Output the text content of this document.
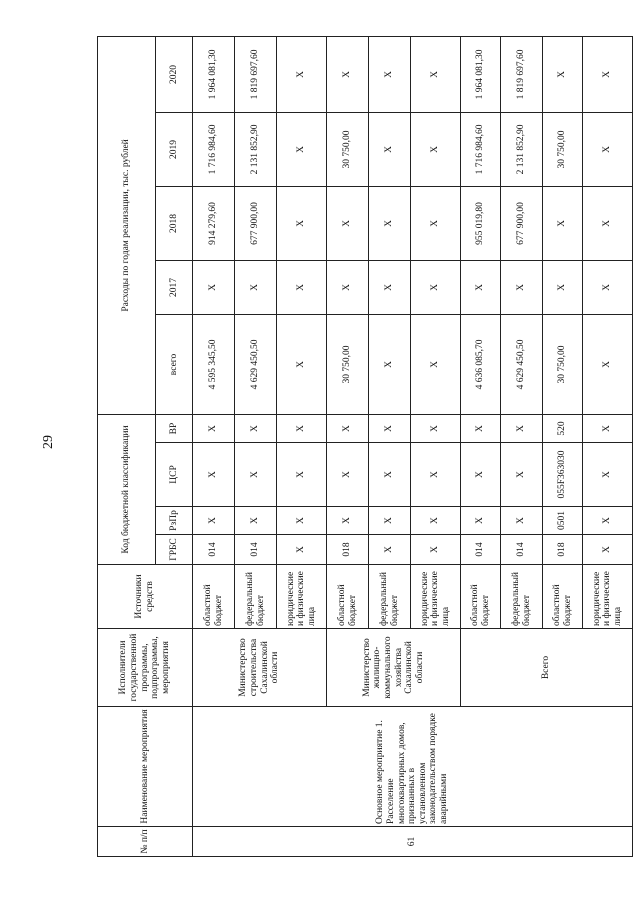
29
№ п/п	Наименование мероприятия	Исполнители государственной программы, подпрограммы, мероприятия	Источники средств	Код бюджетной классификации				Расходы по годам реализации, тыс. рублей				
				ГРБС	РзПр	ЦСР	ВР	всего	2017	2018	2019	2020
61	Основное мероприятие 1. Расселение многоквартирных домов, признанных в установленном законодательством порядке аварийными	Министерство строительства Сахалинской области	областной бюджет	014	Х	Х	Х	4 595 345,50	Х	914 279,60	1 716 984,60	1 964 081,30
			федеральный бюджет	014	Х	Х	Х	4 629 450,50	Х	677 900,00	2 131 852,90	1 819 697,60
			юридические и физические лица	Х	Х	Х	Х	Х	Х	Х	Х	Х
		Министерство жилищно-коммунального хозяйства Сахалинской области	областной бюджет	018	Х	Х	Х	30 750,00	Х	Х	30 750,00	Х
			федеральный бюджет	Х	Х	Х	Х	Х	Х	Х	Х	Х
			юридические и физические лица	Х	Х	Х	Х	Х	Х	Х	Х	Х
		Всего	областной бюджет	014	Х	Х	Х	4 636 085,70	Х	955 019,80	1 716 984,60	1 964 081,30
			федеральный бюджет	014	Х	Х	Х	4 629 450,50	Х	677 900,00	2 131 852,90	1 819 697,60
			областной бюджет	018	0501	055F363030	520	30 750,00	Х	Х	30 750,00	Х
			юридические и физические лица	Х	Х	Х	Х	Х	Х	Х	Х	Х
